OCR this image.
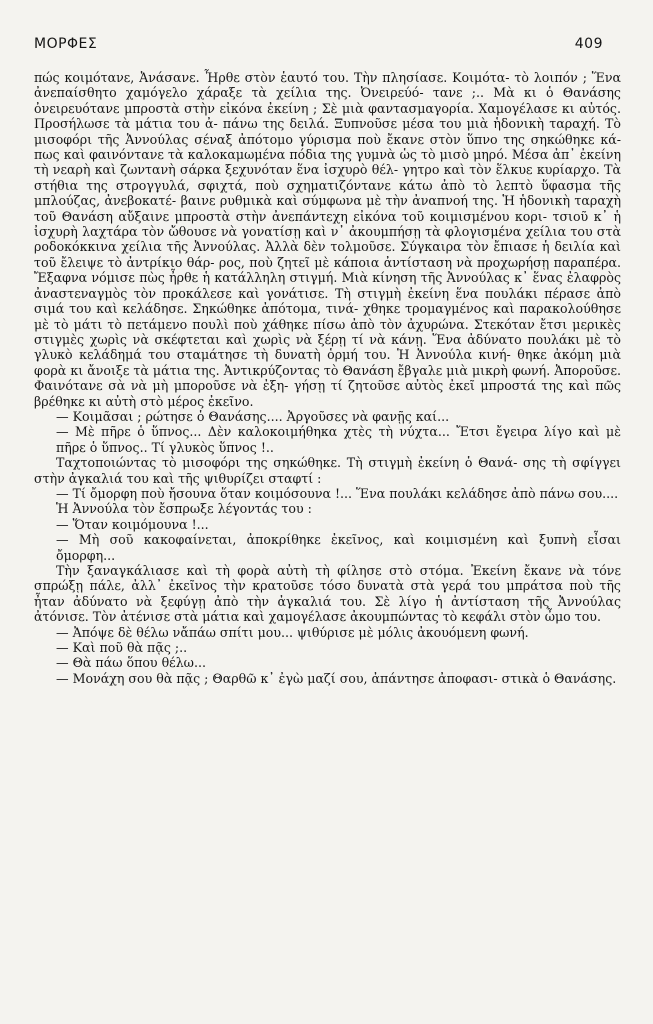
ΜΟΡΦΕΣ	409

πώς κοιμότανε, Ἀνάσανε. Ἦρθε στὸν ἑαυτό του. Τὴν πλησίασε. Κοιμότα- τὸ λοιπόν ; Ἕνα ἀνεπαίσθητο χαμόγελο χάραξε τὰ χείλια της. Ὀνειρεύό- τανε ;.. Μὰ κι ὁ Θανάσης ὀνειρευότανε μπροστὰ στὴν εἰκόνα ἐκείνη ; Σὲ μιὰ φαντασμαγορία. Χαμογέλασε κι αὐτός. Προσήλωσε τὰ μάτια του ἀ- πάνω της δειλά. Ξυπνοῦσε μέσα του μιὰ ἡδονικὴ ταραχή. Τὸ μισοφόρι τῆς Ἀννούλας σέναξ ἀπότομο γύρισμα ποὺ ἔκανε στὸν ὕπνο της σηκώθηκε κά- πως καὶ φαινόντανε τὰ καλοκαμωμένα πόδια της γυμνὰ ὡς τὸ μισὸ μηρό. Μέσα ἀπ᾽ ἐκείνη τὴ νεαρὴ καὶ ζωντανὴ σάρκα ξεχυνόταν ἕνα ἰσχυρὸ θέλ- γητρο καὶ τὸν ἕλκυε κυρίαρχο. Τὰ στήθια της στρογγυλά, σφιχτά, ποὺ σχηματιζόντανε κάτω ἀπὸ τὸ λεπτὸ ὕφασμα τῆς μπλούζας, ἀνεβοκατέ- βαινε ρυθμικὰ καὶ σύμφωνα μὲ τὴν ἀναπνοή της. Ἡ ἡδονικὴ ταραχὴ τοῦ Θανάση αὔξαινε μπροστὰ στὴν ἀνεπάντεχη εἰκόνα τοῦ κοιμισμένου κορι- τσιοῦ κ᾽ ἡ ἰσχυρὴ λαχτάρα τὸν ὤθουσε νὰ γονατίσῃ καὶ ν᾽ ἀκουμπήσῃ τὰ φλογισμένα χείλια του στὰ ροδοκόκκινα χείλια τῆς Ἀννούλας. Ἀλλὰ δὲν τολμοῦσε. Σύγκαιρα τὸν ἔπιασε ἡ δειλία καὶ τοῦ ἔλειψε τὸ ἀντρίκιο θάρ- ρος, ποὺ ζητεῖ μὲ κάποια ἀντίσταση νὰ προχωρήσῃ παραπέρα. Ἔξαφνα νόμισε πὼς ἦρθε ἡ κατάλληλη στιγμή. Μιὰ κίνηση τῆς Ἀννούλας κ᾽ ἕνας ἐλαφρὸς ἀναστεναγμὸς τὸν προκάλεσε καὶ γονάτισε. Τὴ στιγμὴ ἐκείνη ἕνα πουλάκι πέρασε ἀπὸ σιμά του καὶ κελάδησε. Σηκώθηκε ἀπότομα, τινά- χθηκε τρομαγμένος καὶ παρακολούθησε μὲ τὸ μάτι τὸ πετάμενο πουλὶ ποὺ χάθηκε πίσω ἀπὸ τὸν ἀχυρώνα. Στεκόταν ἔτσι μερικὲς στιγμὲς χωρὶς νὰ σκέφτεται καὶ χωρὶς νὰ ξέρῃ τί νὰ κάνῃ. Ἕνα ἀδύνατο πουλάκι μὲ τὸ γλυκὸ κελάδημά του σταμάτησε τὴ δυνατὴ ὁρμή του. Ἡ Ἀννούλα κινή- θηκε ἀκόμη μιὰ φορὰ κι ἄνοιξε τὰ μάτια της. Ἀντικρύζοντας τὸ Θανάση ἔβγαλε μιὰ μικρὴ φωνή. Ἀποροῦσε. Φαινότανε σὰ νὰ μὴ μποροῦσε νὰ ἐξη- γήσῃ τί ζητοῦσε αὐτὸς ἐκεῖ μπροστά της καὶ πῶς βρέθηκε κι αὐτὴ στὸ μέρος ἐκεῖνο.

— Κοιμᾶσαι ; ρώτησε ὁ Θανάσης.... Ἀργοῦσες νὰ φανῇς καί...

— Μὲ πῆρε ὁ ὕπνος... Δὲν καλοκοιμήθηκα χτὲς τὴ νύχτα... Ἔτσι ἔγειρα λίγο καὶ μὲ πῆρε ὁ ὕπνος.. Τί γλυκὸς ὕπνος !..

Ταχτοποιώντας τὸ μισοφόρι της σηκώθηκε. Τὴ στιγμὴ ἐκείνη ὁ Θανά- σης τὴ σφίγγει στὴν ἀγκαλιά του καὶ τῆς ψιθυρίζει σταφτί :

— Τί ὄμορφη ποὺ ἤσουνα ὅταν κοιμόσουνα !... Ἕνα πουλάκι κελάδησε ἀπὸ πάνω σου....

Ἡ Ἀννούλα τὸν ἔσπρωξε λέγοντάς του :

— Ὅταν κοιμόμουνα !...

— Μὴ σοῦ κακοφαίνεται, ἀποκρίθηκε ἐκεῖνος, καὶ κοιμισμένη καὶ ξυπνὴ εἶσαι ὄμορφη...

Τὴν ξαναγκάλιασε καὶ τὴ φορὰ αὐτὴ τὴ φίλησε στὸ στόμα. Ἐκείνη ἔκανε νὰ τόνε σπρώξῃ πάλε, ἀλλ᾽ ἐκεῖνος τὴν κρατοῦσε τόσο δυνατὰ στὰ γερά του μπράτσα ποὺ τῆς ἦταν ἀδύνατο νὰ ξεφύγῃ ἀπὸ τὴν ἀγκαλιά του. Σὲ λίγο ἡ ἀντίσταση τῆς Ἀννούλας ἀτόνισε. Τὸν ἀτένισε στὰ μάτια καὶ χαμογέλασε ἀκουμπώντας τὸ κεφάλι στὸν ὦμο του.

— Ἀπόψε δὲ θέλω νἄπάω σπίτι μου... ψιθύρισε μὲ μόλις ἀκουόμενη φωνή.

— Καὶ ποῦ θὰ πᾷς ;..

— Θὰ πάω ὅπου θέλω...

— Μονάχη σου θὰ πᾷς ; Θαρθῶ κ᾽ ἐγὼ μαζί σου, ἀπάντησε ἀποφασι- στικὰ ὁ Θανάσης.
